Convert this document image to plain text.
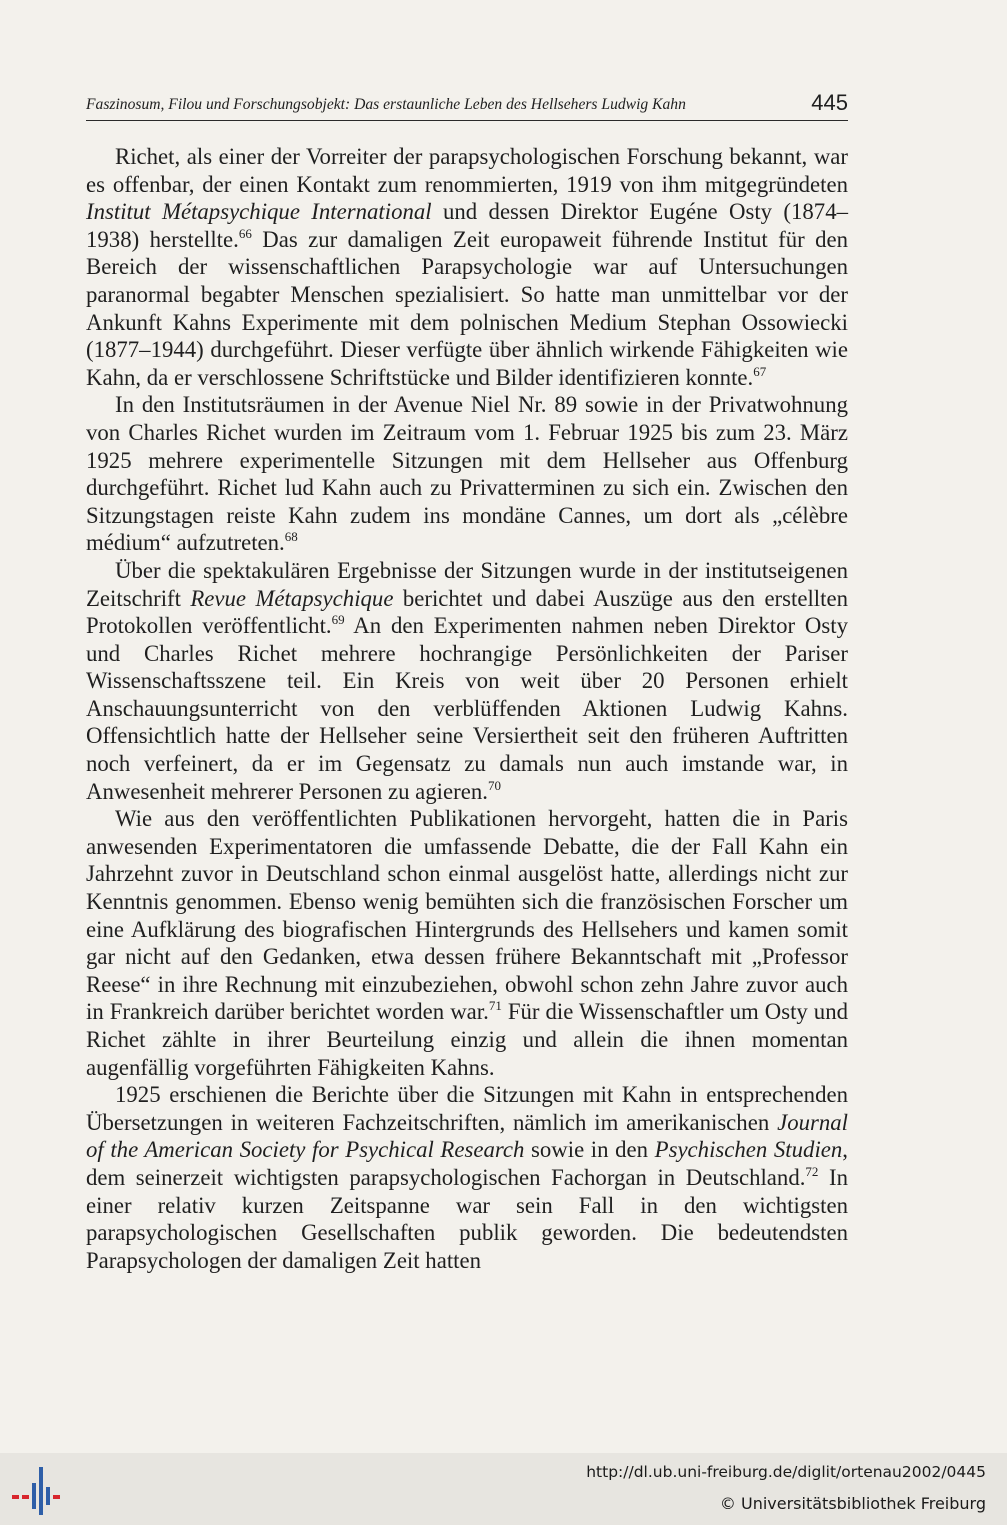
Faszinosum, Filou und Forschungsobjekt: Das erstaunliche Leben des Hellsehers Ludwig Kahn	445

Richet, als einer der Vorreiter der parapsychologischen Forschung bekannt, war es offenbar, der einen Kontakt zum renommierten, 1919 von ihm mitgegründeten Institut Métapsychique International und dessen Direktor Eugéne Osty (1874–1938) herstellte.$^{66}$ Das zur damaligen Zeit europaweit führende Institut für den Bereich der wissenschaftlichen Parapsychologie war auf Untersuchungen paranormal begabter Menschen spezialisiert. So hatte man unmittelbar vor der Ankunft Kahns Experimente mit dem polnischen Medium Stephan Ossowiecki (1877–1944) durchgeführt. Dieser verfügte über ähnlich wirkende Fähigkeiten wie Kahn, da er verschlossene Schriftstücke und Bilder identifizieren konnte.$^{67}$

In den Institutsräumen in der Avenue Niel Nr. 89 sowie in der Privatwohnung von Charles Richet wurden im Zeitraum vom 1. Februar 1925 bis zum 23. März 1925 mehrere experimentelle Sitzungen mit dem Hellseher aus Offenburg durchgeführt. Richet lud Kahn auch zu Privatterminen zu sich ein. Zwischen den Sitzungstagen reiste Kahn zudem ins mondäne Cannes, um dort als „célèbre médium“ aufzutreten.$^{68}$

Über die spektakulären Ergebnisse der Sitzungen wurde in der institutseigenen Zeitschrift Revue Métapsychique berichtet und dabei Auszüge aus den erstellten Protokollen veröffentlicht.$^{69}$ An den Experimenten nahmen neben Direktor Osty und Charles Richet mehrere hochrangige Persönlichkeiten der Pariser Wissenschaftsszene teil. Ein Kreis von weit über 20 Personen erhielt Anschauungsunterricht von den verblüffenden Aktionen Ludwig Kahns. Offensichtlich hatte der Hellseher seine Versiertheit seit den früheren Auftritten noch verfeinert, da er im Gegensatz zu damals nun auch imstande war, in Anwesenheit mehrerer Personen zu agieren.$^{70}$

Wie aus den veröffentlichten Publikationen hervorgeht, hatten die in Paris anwesenden Experimentatoren die umfassende Debatte, die der Fall Kahn ein Jahrzehnt zuvor in Deutschland schon einmal ausgelöst hatte, allerdings nicht zur Kenntnis genommen. Ebenso wenig bemühten sich die französischen Forscher um eine Aufklärung des biografischen Hintergrunds des Hellsehers und kamen somit gar nicht auf den Gedanken, etwa dessen frühere Bekanntschaft mit „Professor Reese“ in ihre Rechnung mit einzubeziehen, obwohl schon zehn Jahre zuvor auch in Frankreich darüber berichtet worden war.$^{71}$ Für die Wissenschaftler um Osty und Richet zählte in ihrer Beurteilung einzig und allein die ihnen momentan augenfällig vorgeführten Fähigkeiten Kahns.

1925 erschienen die Berichte über die Sitzungen mit Kahn in entsprechenden Übersetzungen in weiteren Fachzeitschriften, nämlich im amerikanischen Journal of the American Society for Psychical Research sowie in den Psychischen Studien, dem seinerzeit wichtigsten parapsychologischen Fachorgan in Deutschland.$^{72}$ In einer relativ kurzen Zeitspanne war sein Fall in den wichtigsten parapsychologischen Gesellschaften publik geworden. Die bedeutendsten Parapsychologen der damaligen Zeit hatten

http://dl.ub.uni-freiburg.de/diglit/ortenau2002/0445
© Universitätsbibliothek Freiburg
